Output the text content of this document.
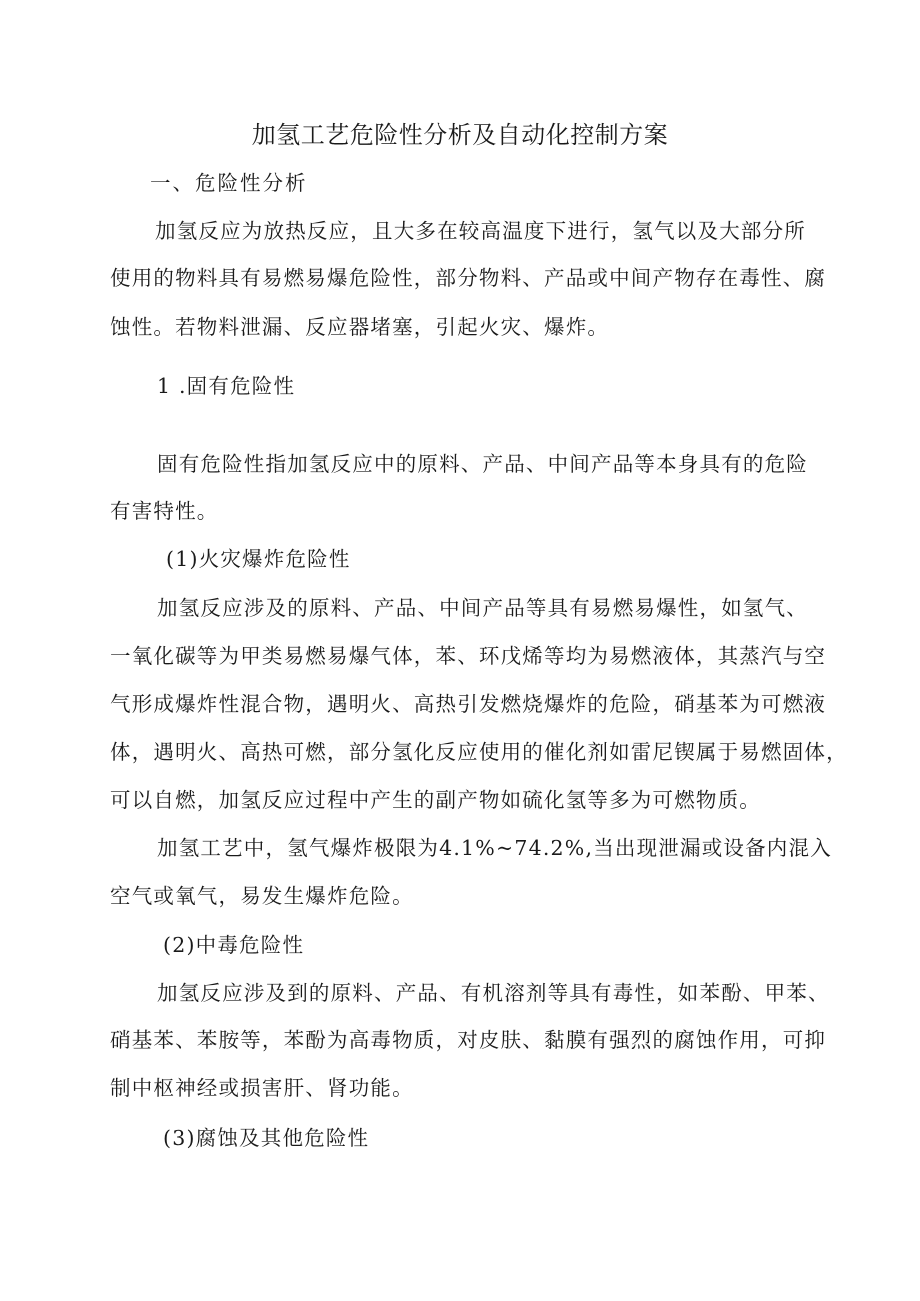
加氢工艺危险性分析及自动化控制方案

一、危险性分析

加氢反应为放热反应，且大多在较高温度下进行，氢气以及大部分所

使用的物料具有易燃易爆危险性，部分物料、产品或中间产物存在毒性、腐

蚀性。若物料泄漏、反应器堵塞，引起火灾、爆炸。

1 .固有危险性

固有危险性指加氢反应中的原料、产品、中间产品等本身具有的危险

有害特性。

(1)火灾爆炸危险性

加氢反应涉及的原料、产品、中间产品等具有易燃易爆性，如氢气、

一氧化碳等为甲类易燃易爆气体，苯、环戊烯等均为易燃液体，其蒸汽与空

气形成爆炸性混合物，遇明火、高热引发燃烧爆炸的危险，硝基苯为可燃液

体，遇明火、高热可燃，部分氢化反应使用的催化剂如雷尼锲属于易燃固体，

可以自燃，加氢反应过程中产生的副产物如硫化氢等多为可燃物质。

加氢工艺中，氢气爆炸极限为4.1%~74.2%,当出现泄漏或设备内混入

空气或氧气，易发生爆炸危险。

(2)中毒危险性

加氢反应涉及到的原料、产品、有机溶剂等具有毒性，如苯酚、甲苯、

硝基苯、苯胺等，苯酚为高毒物质，对皮肤、黏膜有强烈的腐蚀作用，可抑

制中枢神经或损害肝、肾功能。

(3)腐蚀及其他危险性
